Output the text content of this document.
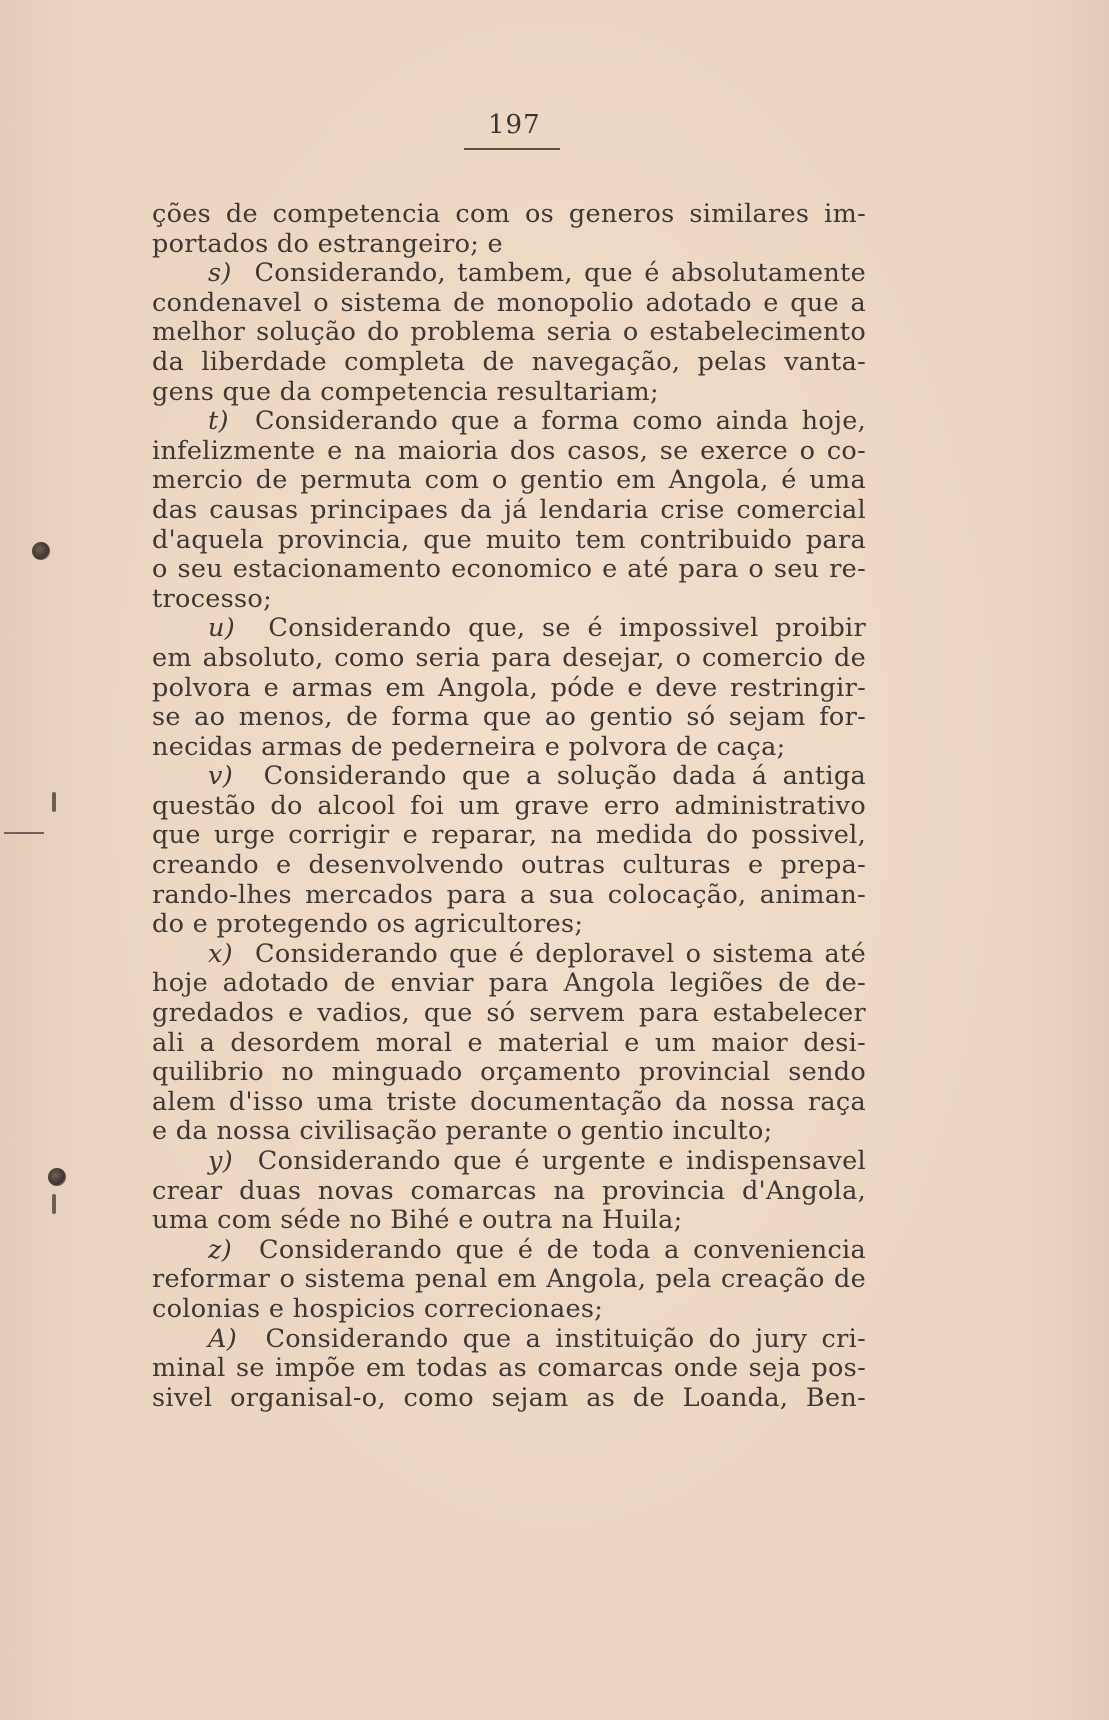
197
ções de competencia com os generos similares im-
portados do estrangeiro; e
s) Considerando, tambem, que é absolutamente
condenavel o sistema de monopolio adotado e que a
melhor solução do problema seria o estabelecimento
da liberdade completa de navegação, pelas vanta-
gens que da competencia resultariam;
t) Considerando que a forma como ainda hoje,
infelizmente e na maioria dos casos, se exerce o co-
mercio de permuta com o gentio em Angola, é uma
das causas principaes da já lendaria crise comercial
d'aquela provincia, que muito tem contribuido para
o seu estacionamento economico e até para o seu re-
trocesso;
u) Considerando que, se é impossivel proibir
em absoluto, como seria para desejar, o comercio de
polvora e armas em Angola, póde e deve restringir-
se ao menos, de forma que ao gentio só sejam for-
necidas armas de pederneira e polvora de caça;
v) Considerando que a solução dada á antiga
questão do alcool foi um grave erro administrativo
que urge corrigir e reparar, na medida do possivel,
creando e desenvolvendo outras culturas e prepa-
rando-lhes mercados para a sua colocação, animan-
do e protegendo os agricultores;
x) Considerando que é deploravel o sistema até
hoje adotado de enviar para Angola legiões de de-
gredados e vadios, que só servem para estabelecer
ali a desordem moral e material e um maior desi-
quilibrio no minguado orçamento provincial sendo
alem d'isso uma triste documentação da nossa raça
e da nossa civilisação perante o gentio inculto;
y) Considerando que é urgente e indispensavel
crear duas novas comarcas na provincia d'Angola,
uma com séde no Bihé e outra na Huila;
z) Considerando que é de toda a conveniencia
reformar o sistema penal em Angola, pela creação de
colonias e hospicios correcionaes;
A) Considerando que a instituição do jury cri-
minal se impõe em todas as comarcas onde seja pos-
sivel organisal-o, como sejam as de Loanda, Ben-
